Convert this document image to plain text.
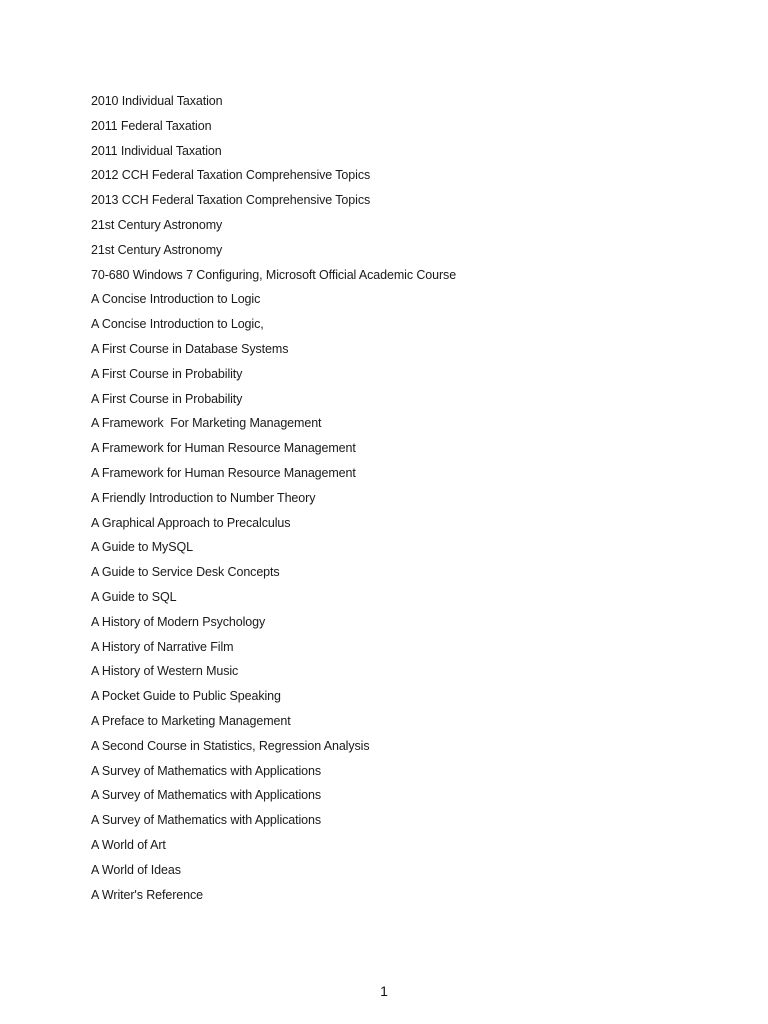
2010 Individual Taxation
2011 Federal Taxation
2011 Individual Taxation
2012 CCH Federal Taxation Comprehensive Topics
2013 CCH Federal Taxation Comprehensive Topics
21st Century Astronomy
21st Century Astronomy
70-680 Windows 7 Configuring, Microsoft Official Academic Course
A Concise Introduction to Logic
A Concise Introduction to Logic,
A First Course in Database Systems
A First Course in Probability
A First Course in Probability
A Framework  For Marketing Management
A Framework for Human Resource Management
A Framework for Human Resource Management
A Friendly Introduction to Number Theory
A Graphical Approach to Precalculus
A Guide to MySQL
A Guide to Service Desk Concepts
A Guide to SQL
A History of Modern Psychology
A History of Narrative Film
A History of Western Music
A Pocket Guide to Public Speaking
A Preface to Marketing Management
A Second Course in Statistics, Regression Analysis
A Survey of Mathematics with Applications
A Survey of Mathematics with Applications
A Survey of Mathematics with Applications
A World of Art
A World of Ideas
A Writer's Reference
1
